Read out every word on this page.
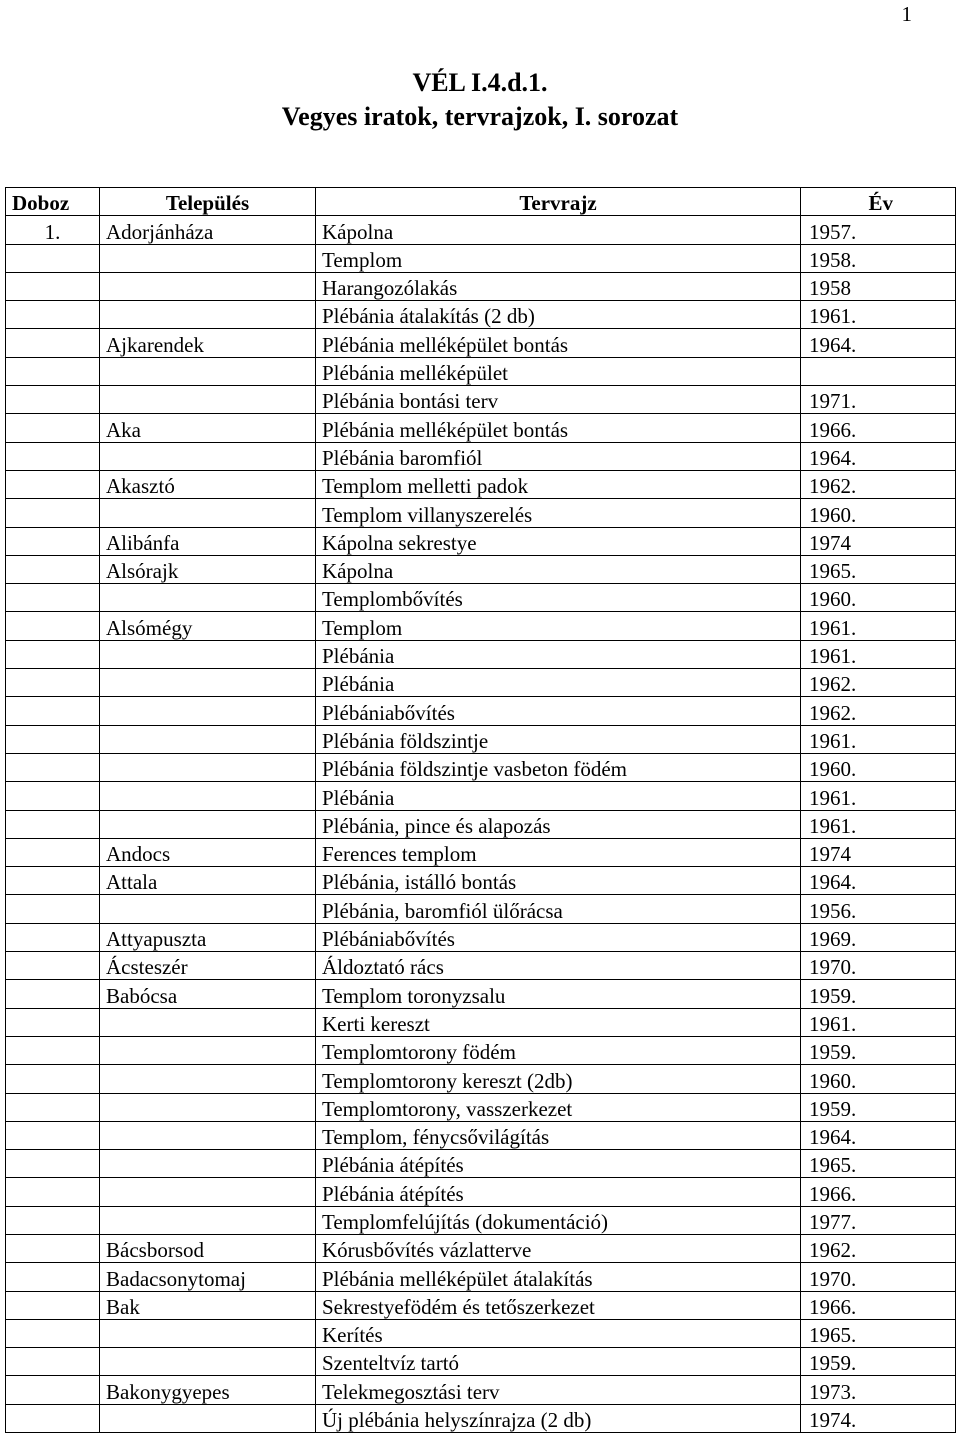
1
VÉL I.4.d.1.
Vegyes iratok, tervrajzok, I. sorozat
Doboz	Település	Tervrajz	Év
1.	Adorjánháza	Kápolna	1957.
		Templom	1958.
		Harangozólakás	1958
		Plébánia átalakítás (2 db)	1961.
	Ajkarendek	Plébánia melléképület bontás	1964.
		Plébánia melléképület	
		Plébánia bontási terv	1971.
	Aka	Plébánia melléképület bontás	1966.
		Plébánia baromfiól	1964.
	Akasztó	Templom melletti padok	1962.
		Templom villanyszerelés	1960.
	Alibánfa	Kápolna sekrestye	1974
	Alsórajk	Kápolna	1965.
		Templombővítés	1960.
	Alsómégy	Templom	1961.
		Plébánia	1961.
		Plébánia	1962.
		Plébániabővítés	1962.
		Plébánia földszintje	1961.
		Plébánia földszintje vasbeton födém	1960.
		Plébánia	1961.
		Plébánia, pince és alapozás	1961.
	Andocs	Ferences templom	1974
	Attala	Plébánia, istálló bontás	1964.
		Plébánia, baromfiól ülőrácsa	1956.
	Attyapuszta	Plébániabővítés	1969.
	Ácsteszér	Áldoztató rács	1970.
	Babócsa	Templom toronyzsalu	1959.
		Kerti kereszt	1961.
		Templomtorony födém	1959.
		Templomtorony kereszt (2db)	1960.
		Templomtorony, vasszerkezet	1959.
		Templom, fénycsővilágítás	1964.
		Plébánia átépítés	1965.
		Plébánia átépítés	1966.
		Templomfelújítás (dokumentáció)	1977.
	Bácsborsod	Kórusbővítés vázlatterve	1962.
	Badacsonytomaj	Plébánia melléképület átalakítás	1970.
	Bak	Sekrestyefödém és tetőszerkezet	1966.
		Kerítés	1965.
		Szenteltvíz tartó	1959.
	Bakonygyepes	Telekmegosztási terv	1973.
		Új plébánia helyszínrajza (2 db)	1974.
